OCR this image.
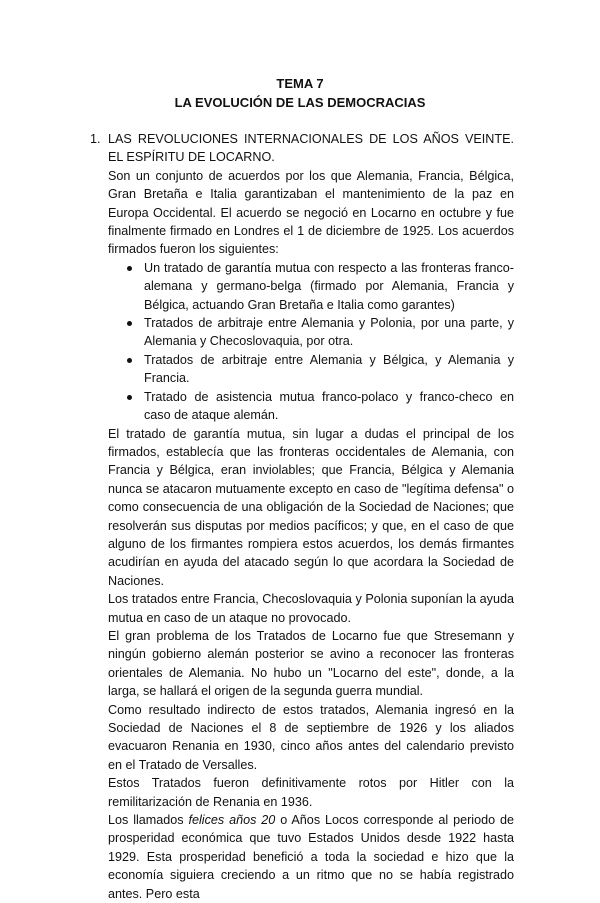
TEMA 7
LA EVOLUCIÓN DE LAS DEMOCRACIAS

1. LAS REVOLUCIONES INTERNACIONALES DE LOS AÑOS VEINTE. EL ESPÍRITU DE LOCARNO.

Son un conjunto de acuerdos por los que Alemania, Francia, Bélgica, Gran Bretaña e Italia garantizaban el mantenimiento de la paz en Europa Occidental. El acuerdo se negoció en Locarno en octubre y fue finalmente firmado en Londres el 1 de diciembre de 1925. Los acuerdos firmados fueron los siguientes:

Un tratado de garantía mutua con respecto a las fronteras franco-alemana y germano-belga (firmado por Alemania, Francia y Bélgica, actuando Gran Bretaña e Italia como garantes)
Tratados de arbitraje entre Alemania y Polonia, por una parte, y Alemania y Checoslovaquia, por otra.
Tratados de arbitraje entre Alemania y Bélgica, y Alemania y Francia.
Tratado de asistencia mutua franco-polaco y franco-checo en caso de ataque alemán.

El tratado de garantía mutua, sin lugar a dudas el principal de los firmados, establecía que las fronteras occidentales de Alemania, con Francia y Bélgica, eran inviolables; que Francia, Bélgica y Alemania nunca se atacaron mutuamente excepto en caso de "legítima defensa" o como consecuencia de una obligación de la Sociedad de Naciones; que resolverán sus disputas por medios pacíficos; y que, en el caso de que alguno de los firmantes rompiera estos acuerdos, los demás firmantes acudirían en ayuda del atacado según lo que acordara la Sociedad de Naciones.

Los tratados entre Francia, Checoslovaquia y Polonia suponían la ayuda mutua en caso de un ataque no provocado.

El gran problema de los Tratados de Locarno fue que Stresemann y ningún gobierno alemán posterior se avino a reconocer las fronteras orientales de Alemania. No hubo un "Locarno del este", donde, a la larga, se hallará el origen de la segunda guerra mundial.

Como resultado indirecto de estos tratados, Alemania ingresó en la Sociedad de Naciones el 8 de septiembre de 1926 y los aliados evacuaron Renania en 1930, cinco años antes del calendario previsto en el Tratado de Versalles.

Estos Tratados fueron definitivamente rotos por Hitler con la remilitarización de Renania en 1936.

Los llamados felices años 20 o Años Locos corresponde al periodo de prosperidad económica que tuvo Estados Unidos desde 1922 hasta 1929. Esta prosperidad benefició a toda la sociedad e hizo que la economía siguiera creciendo a un ritmo que no se había registrado antes. Pero esta
